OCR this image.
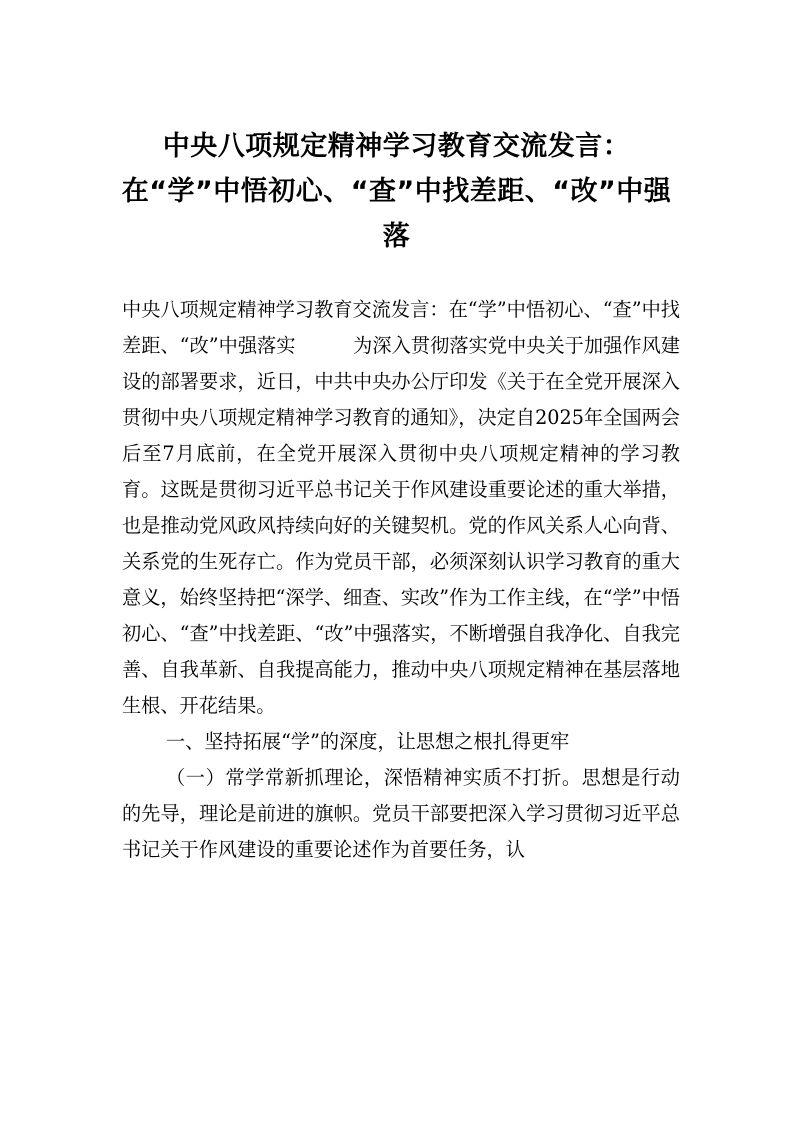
中央八项规定精神学习教育交流发言：在“学”中悟初心、“查”中找差距、“改”中强落

中央八项规定精神学习教育交流发言：在“学”中悟初心、“查”中找差距、“改”中强落实　　　为深入贯彻落实党中央关于加强作风建设的部署要求，近日，中共中央办公厅印发《关于在全党开展深入贯彻中央八项规定精神学习教育的通知》，决定自2025年全国两会后至7月底前，在全党开展深入贯彻中央八项规定精神的学习教育。这既是贯彻习近平总书记关于作风建设重要论述的重大举措，也是推动党风政风持续向好的关键契机。党的作风关系人心向背、关系党的生死存亡。作为党员干部，必须深刻认识学习教育的重大意义，始终坚持把“深学、细查、实改”作为工作主线，在“学”中悟初心、“查”中找差距、“改”中强落实，不断增强自我净化、自我完善、自我革新、自我提高能力，推动中央八项规定精神在基层落地生根、开花结果。

一、坚持拓展“学”的深度，让思想之根扎得更牢

（一）常学常新抓理论，深悟精神实质不打折。思想是行动的先导，理论是前进的旗帜。党员干部要把深入学习贯彻习近平总书记关于作风建设的重要论述作为首要任务，认
